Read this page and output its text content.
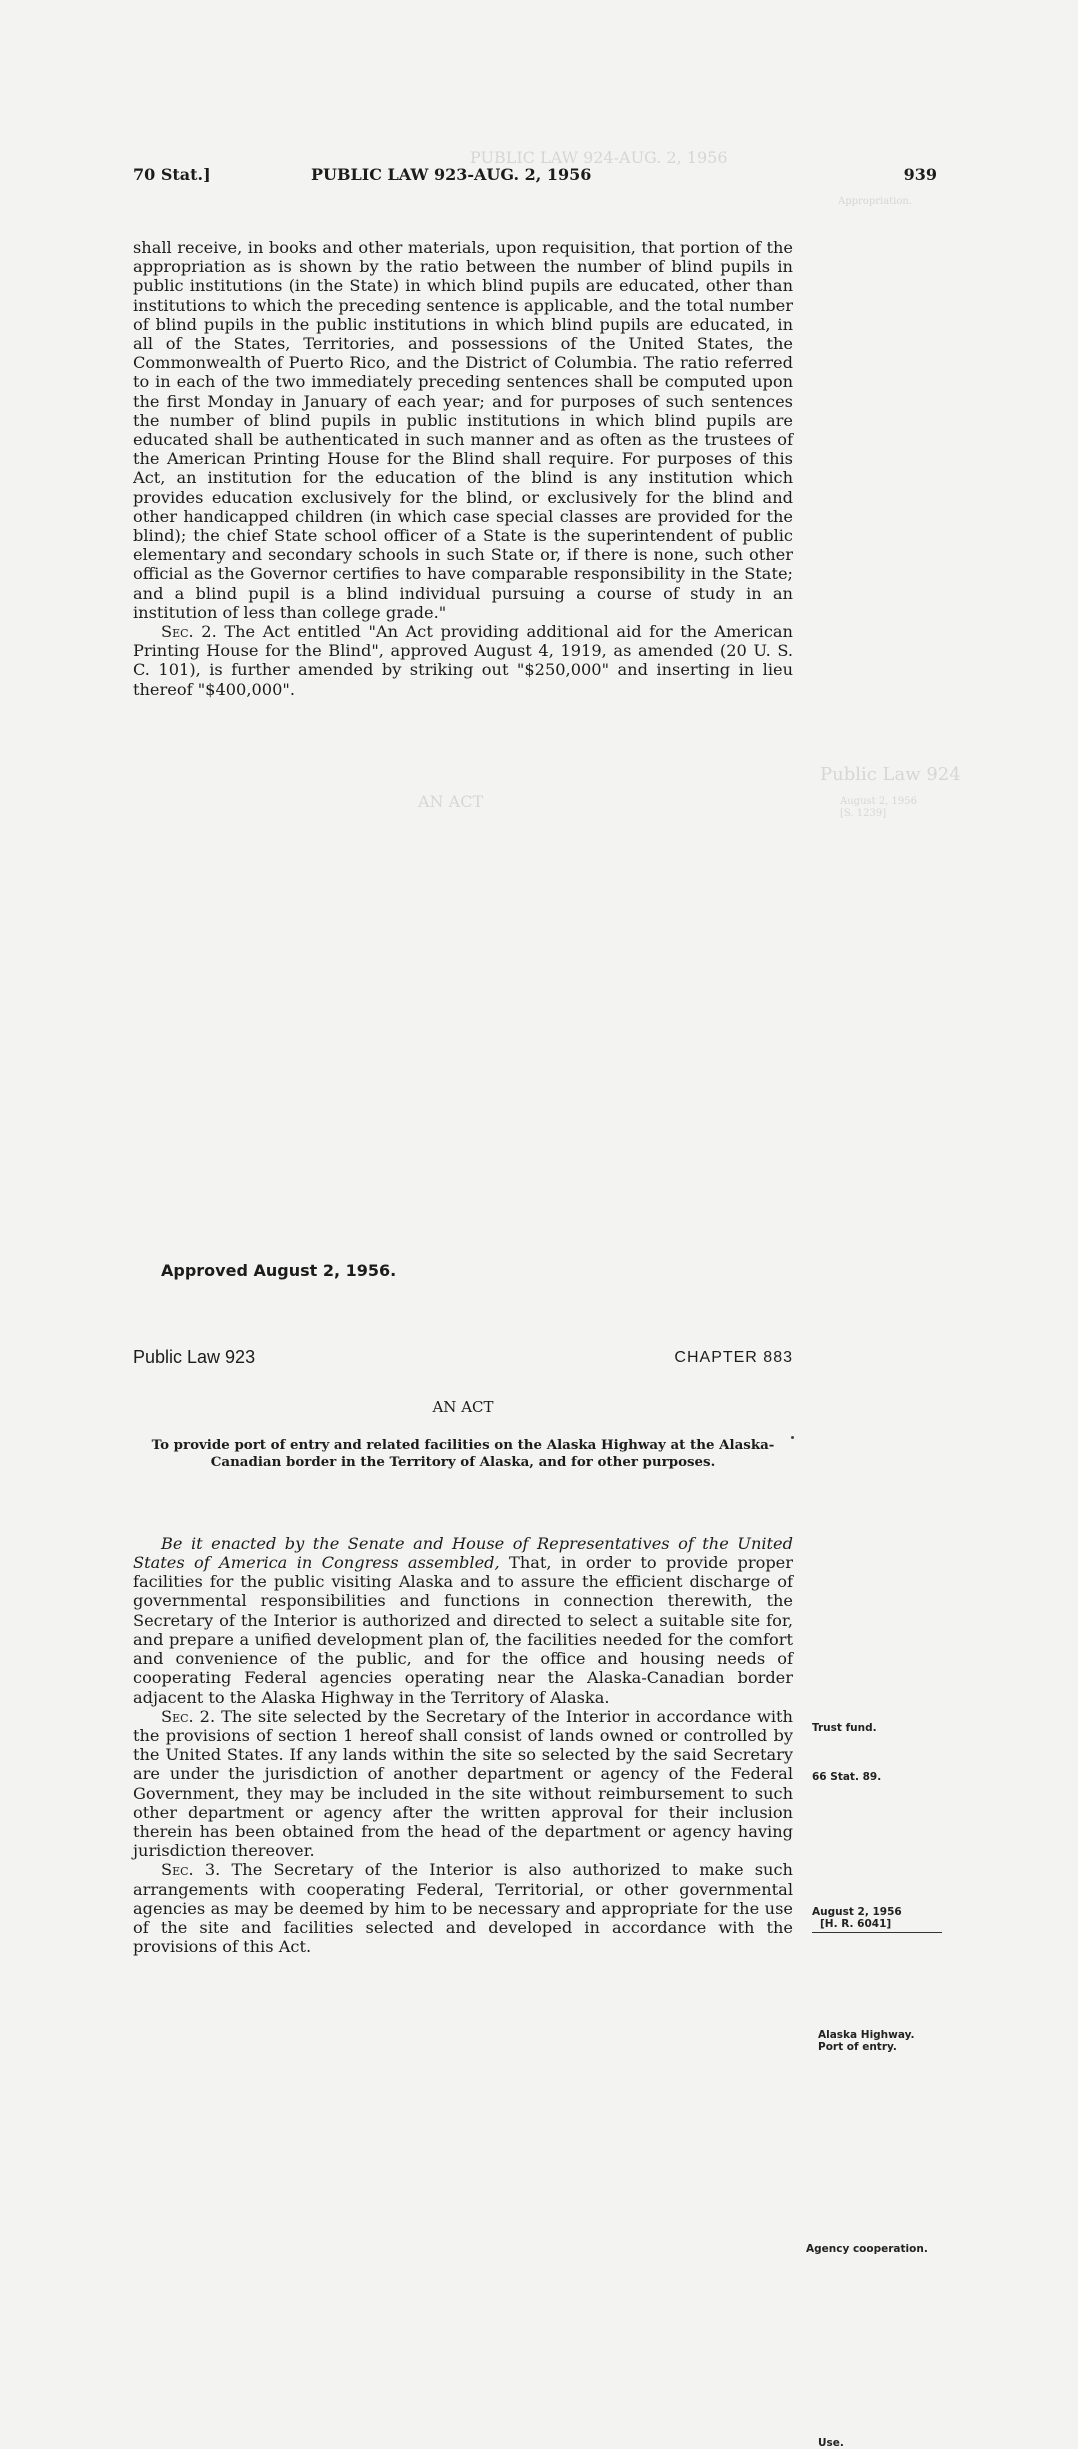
PUBLIC LAW 924-AUG. 2, 1956
Appropriation.
Public Law 924
AN ACT	August 2, 1956
[S. 1239]
70 Stat.]	PUBLIC LAW 923-AUG. 2, 1956	939

shall receive, in books and other materials, upon requisition, that portion of the appropriation as is shown by the ratio between the number of blind pupils in public institutions (in the State) in which blind pupils are educated, other than institutions to which the preceding sentence is applicable, and the total number of blind pupils in the public institutions in which blind pupils are educated, in all of the States, Territories, and possessions of the United States, the Commonwealth of Puerto Rico, and the District of Columbia. The ratio referred to in each of the two immediately preceding sentences shall be computed upon the first Monday in January of each year; and for purposes of such sentences the number of blind pupils in public institutions in which blind pupils are educated shall be authenticated in such manner and as often as the trustees of the American Printing House for the Blind shall require. For purposes of this Act, an institution for the education of the blind is any institution which provides education exclusively for the blind, or exclusively for the blind and other handicapped children (in which case special classes are provided for the blind); the chief State school officer of a State is the superintendent of public elementary and secondary schools in such State or, if there is none, such other official as the Governor certifies to have comparable responsibility in the State; and a blind pupil is a blind individual pursuing a course of study in an institution of less than college grade."

Sec. 2. The Act entitled "An Act providing additional aid for the American Printing House for the Blind", approved August 4, 1919, as amended (20 U. S. C. 101), is further amended by striking out "$250,000" and inserting in lieu thereof "$400,000".

Approved August 2, 1956.
Public Law 923	CHAPTER 883
AN ACT
To provide port of entry and related facilities on the Alaska Highway at the Alaska-Canadian border in the Territory of Alaska, and for other purposes.

Be it enacted by the Senate and House of Representatives of the United States of America in Congress assembled, That, in order to provide proper facilities for the public visiting Alaska and to assure the efficient discharge of governmental responsibilities and functions in connection therewith, the Secretary of the Interior is authorized and directed to select a suitable site for, and prepare a unified development plan of, the facilities needed for the comfort and convenience of the public, and for the office and housing needs of cooperating Federal agencies operating near the Alaska-Canadian border adjacent to the Alaska Highway in the Territory of Alaska.

Sec. 2. The site selected by the Secretary of the Interior in accordance with the provisions of section 1 hereof shall consist of lands owned or controlled by the United States. If any lands within the site so selected by the said Secretary are under the jurisdiction of another department or agency of the Federal Government, they may be included in the site without reimbursement to such other department or agency after the written approval for their inclusion therein has been obtained from the head of the department or agency having jurisdiction thereover.

Sec. 3. The Secretary of the Interior is also authorized to make such arrangements with cooperating Federal, Territorial, or other governmental agencies as may be deemed by him to be necessary and appropriate for the use of the site and facilities selected and developed in accordance with the provisions of this Act.

Trust fund.
66 Stat. 89.
August 2, 1956
[H. R. 6041]
Alaska Highway.
Port of entry.
Agency cooperation.
Use.
